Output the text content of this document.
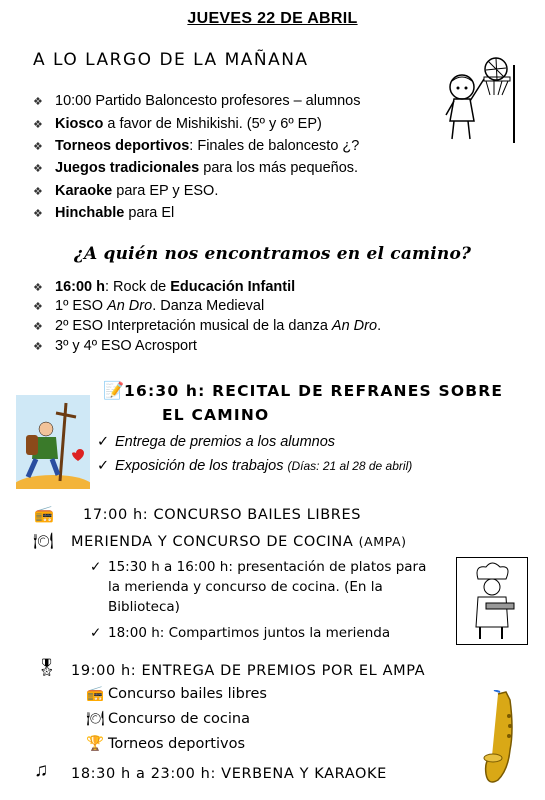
JUEVES 22 DE ABRIL
A LO LARGO DE LA MAÑANA
❖ 10:00 Partido Baloncesto profesores – alumnos
❖ Kiosco a favor de Mishikishi. (5º y 6º EP)
❖ Torneos deportivos: Finales de baloncesto ¿?
❖ Juegos tradicionales para los más pequeños.
❖ Karaoke para EP y ESO.
❖ Hinchable para El
¿A quién nos encontramos en el camino?
❖ 16:00 h: Rock de Educación Infantil
❖ 1º ESO An Dro. Danza Medieval
❖ 2º ESO Interpretación musical de la danza An Dro.
❖ 3º y 4º ESO Acrosport
📝 16:30 h: RECITAL DE REFRANES SOBRE
EL CAMINO
✓ Entrega de premios a los alumnos
✓ Exposición de los trabajos (Días: 21 al 28 de abril)
📻 17:00 h: CONCURSO BAILES LIBRES
🍽 MERIENDA Y CONCURSO DE COCINA (AMPA)
✓ 15:30 h a 16:00 h: presentación de platos para
la merienda y concurso de cocina. (En la
Biblioteca)
✓ 18:00 h: Compartimos juntos la merienda
🎖 19:00 h: ENTREGA DE PREMIOS POR EL AMPA
📻 Concurso bailes libres
🍽 Concurso de cocina
🏆 Torneos deportivos
♫ 18:30 h a 23:00 h: VERBENA Y KARAOKE
